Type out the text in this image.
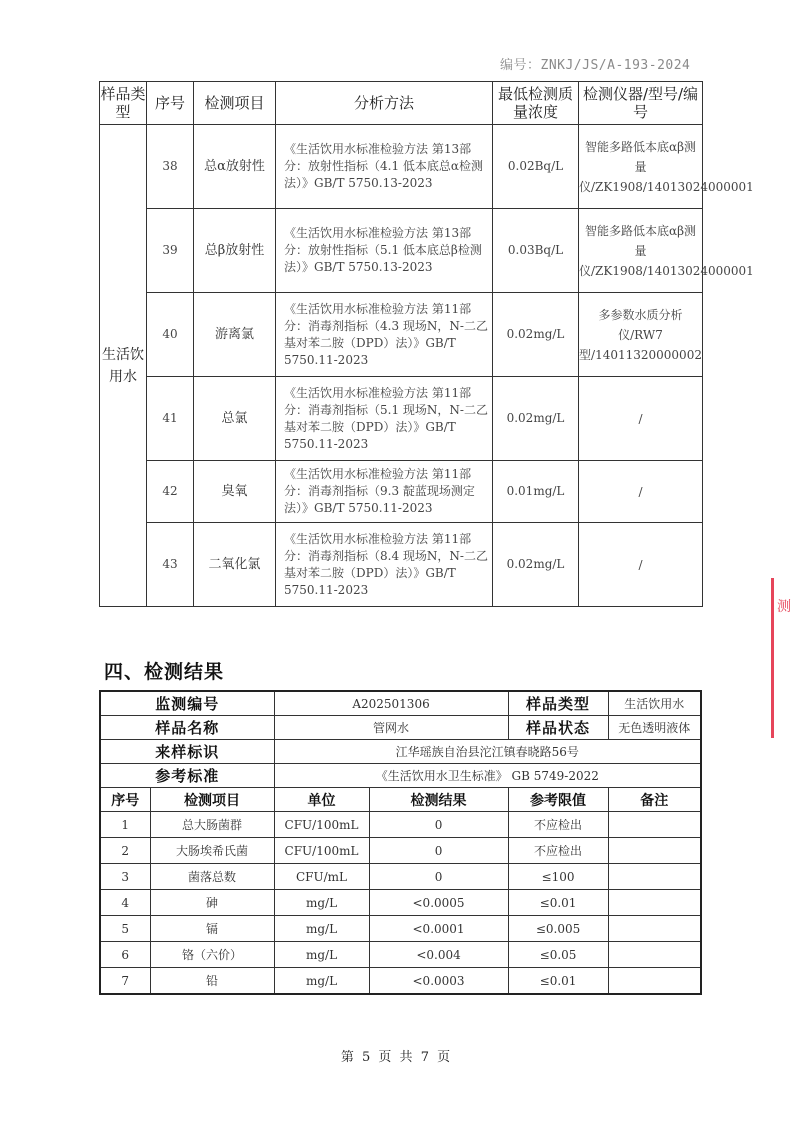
编号：ZNKJ/JS/A-193-2024
样品类型	序号	检测项目	分析方法	最低检测质量浓度	检测仪器/型号/编号
生活饮用水	38	总α放射性	《生活饮用水标准检验方法 第13部分：放射性指标（4.1 低本底总α检测法）》GB/T 5750.13-2023	0.02Bq/L	智能多路低本底αβ测量仪/ZK1908/14013024000001
	39	总β放射性	《生活饮用水标准检验方法 第13部分：放射性指标（5.1 低本底总β检测法）》GB/T 5750.13-2023	0.03Bq/L	智能多路低本底αβ测量仪/ZK1908/14013024000001
	40	游离氯	《生活饮用水标准检验方法 第11部分：消毒剂指标（4.3 现场N，N-二乙基对苯二胺（DPD）法）》GB/T 5750.11-2023	0.02mg/L	多参数水质分析仪/RW7型/14011320000002
	41	总氯	《生活饮用水标准检验方法 第11部分：消毒剂指标（5.1 现场N，N-二乙基对苯二胺（DPD）法）》GB/T 5750.11-2023	0.02mg/L	/
	42	臭氧	《生活饮用水标准检验方法 第11部分：消毒剂指标（9.3 靛蓝现场测定法）》GB/T 5750.11-2023	0.01mg/L	/
	43	二氧化氯	《生活饮用水标准检验方法 第11部分：消毒剂指标（8.4 现场N，N-二乙基对苯二胺（DPD）法）》GB/T 5750.11-2023	0.02mg/L	/
四、检测结果
监测编号		A202501306		样品类型	生活饮用水
样品名称		管网水		样品状态	无色透明液体
来样标识		江华瑶族自治县沱江镇春晓路56号			
参考标准		《生活饮用水卫生标准》 GB 5749-2022			
序号	检测项目	单位	检测结果	参考限值	备注
1	总大肠菌群	CFU/100mL	0	不应检出	
2	大肠埃希氏菌	CFU/100mL	0	不应检出	
3	菌落总数	CFU/mL	0	≤100	
4	砷	mg/L	<0.0005	≤0.01	
5	镉	mg/L	<0.0001	≤0.005	
6	铬（六价）	mg/L	<0.004	≤0.05	
7	铅	mg/L	<0.0003	≤0.01	
测
第 5 页 共 7 页
